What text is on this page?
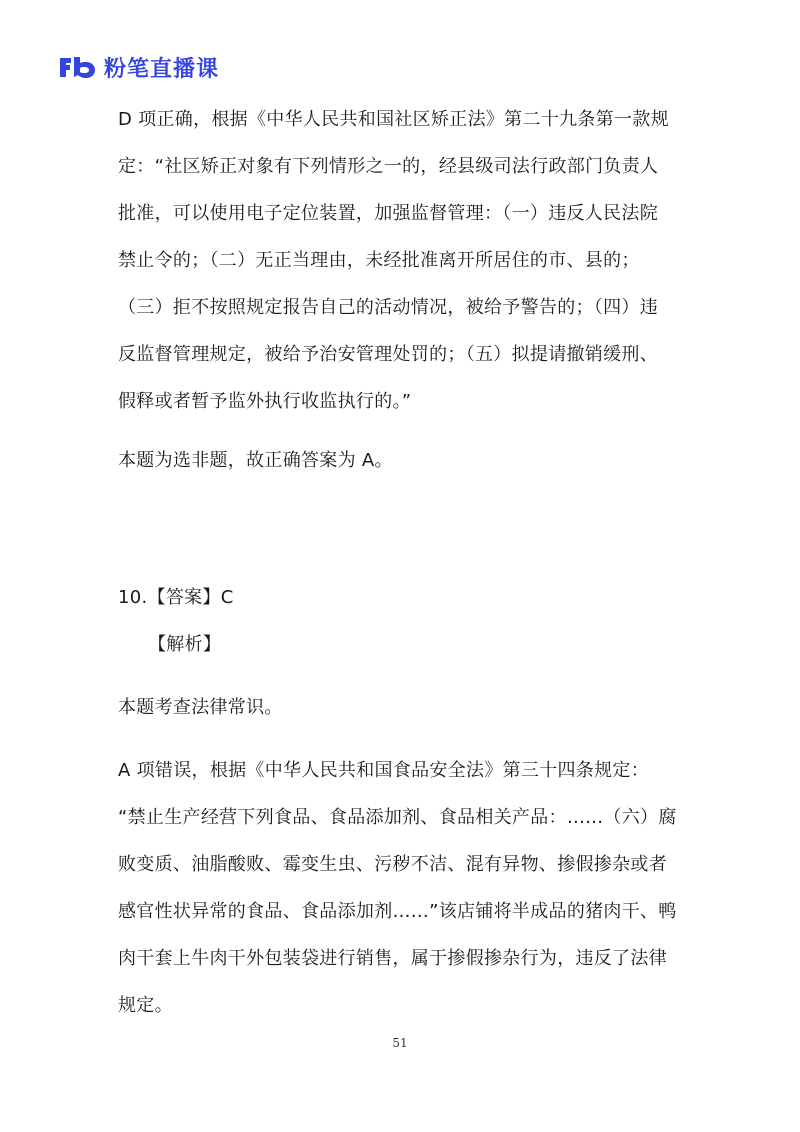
粉笔直播课
D 项正确，根据《中华人民共和国社区矫正法》第二十九条第一款规
定：“社区矫正对象有下列情形之一的，经县级司法行政部门负责人
批准，可以使用电子定位装置，加强监督管理：（一）违反人民法院
禁止令的；（二）无正当理由，未经批准离开所居住的市、县的；
（三）拒不按照规定报告自己的活动情况，被给予警告的；（四）违
反监督管理规定，被给予治安管理处罚的；（五）拟提请撤销缓刑、
假释或者暂予监外执行收监执行的。”
本题为选非题，故正确答案为 A。
10.【答案】C
【解析】
本题考查法律常识。
A 项错误，根据《中华人民共和国食品安全法》第三十四条规定：
“禁止生产经营下列食品、食品添加剂、食品相关产品：……（六）腐
败变质、油脂酸败、霉变生虫、污秽不洁、混有异物、掺假掺杂或者
感官性状异常的食品、食品添加剂……”该店铺将半成品的猪肉干、鸭
肉干套上牛肉干外包装袋进行销售，属于掺假掺杂行为，违反了法律
规定。
51
